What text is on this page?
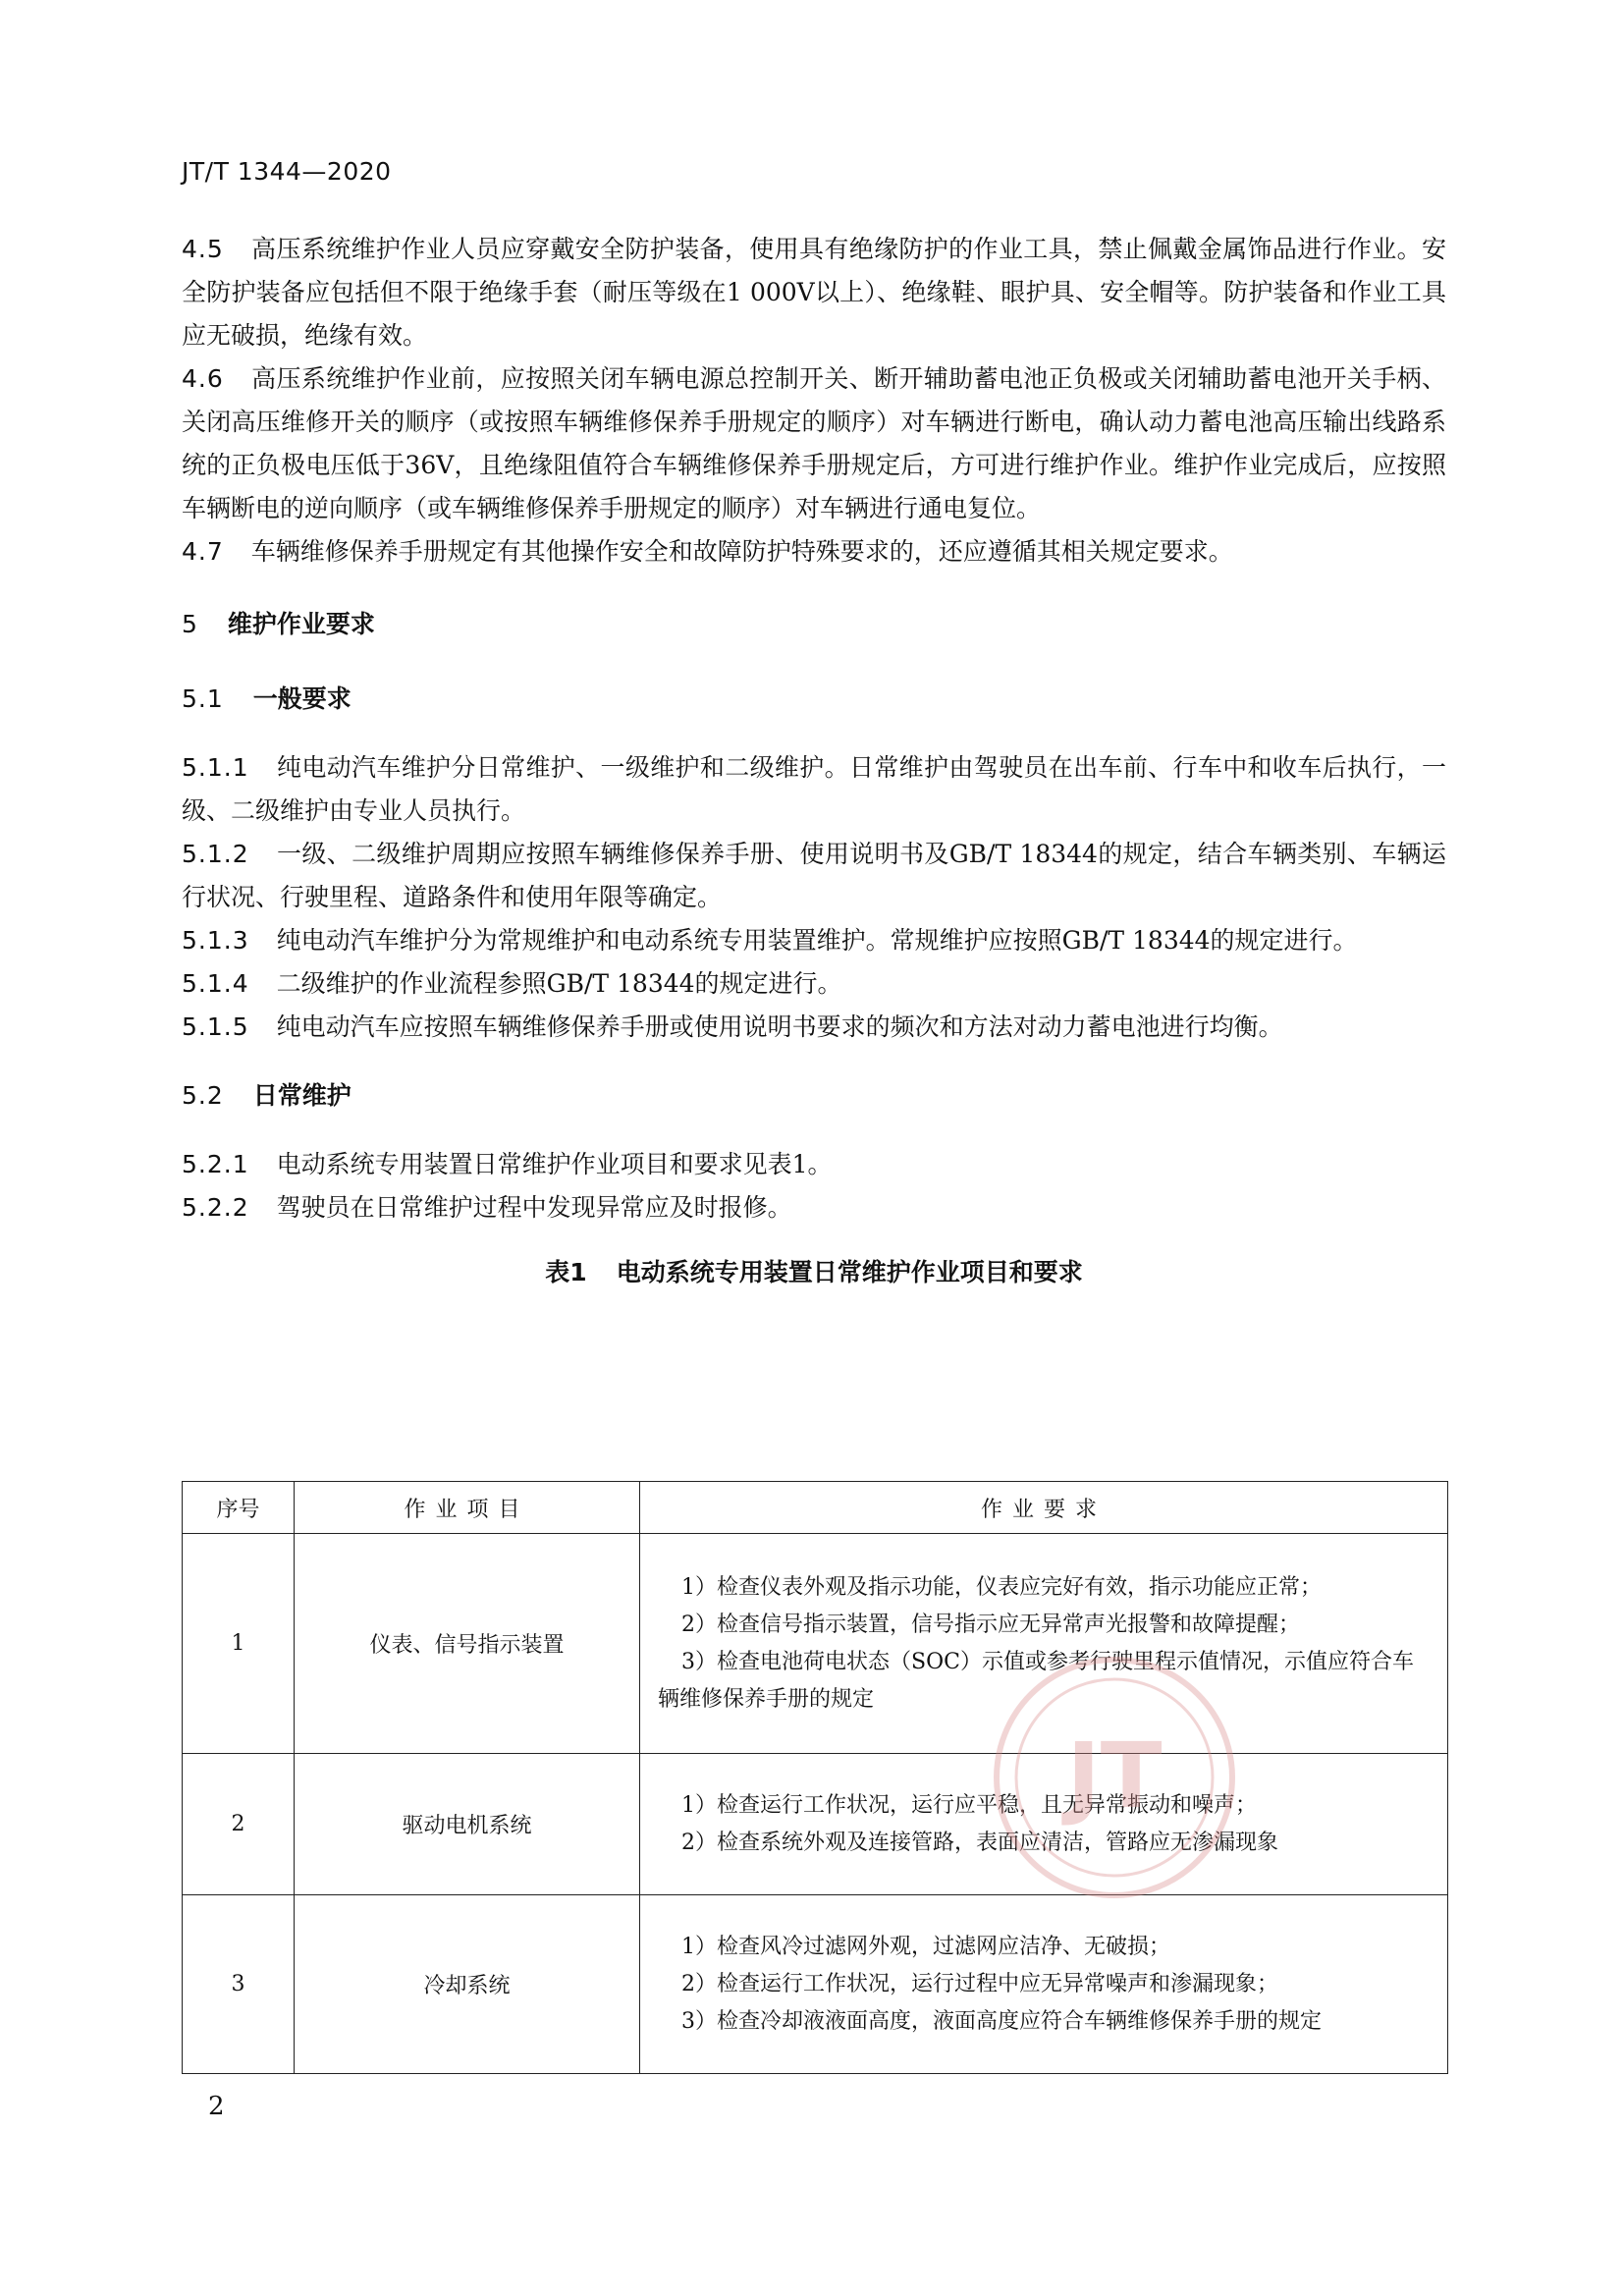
JT/T 1344—2020

4.5 高压系统维护作业人员应穿戴安全防护装备，使用具有绝缘防护的作业工具，禁止佩戴金属饰品进行作业。安全防护装备应包括但不限于绝缘手套（耐压等级在1 000V以上）、绝缘鞋、眼护具、安全帽等。防护装备和作业工具应无破损，绝缘有效。

4.6 高压系统维护作业前，应按照关闭车辆电源总控制开关、断开辅助蓄电池正负极或关闭辅助蓄电池开关手柄、关闭高压维修开关的顺序（或按照车辆维修保养手册规定的顺序）对车辆进行断电，确认动力蓄电池高压输出线路系统的正负极电压低于36V，且绝缘阻值符合车辆维修保养手册规定后，方可进行维护作业。维护作业完成后，应按照车辆断电的逆向顺序（或车辆维修保养手册规定的顺序）对车辆进行通电复位。

4.7 车辆维修保养手册规定有其他操作安全和故障防护特殊要求的，还应遵循其相关规定要求。

5 维护作业要求
5.1 一般要求

5.1.1 纯电动汽车维护分日常维护、一级维护和二级维护。日常维护由驾驶员在出车前、行车中和收车后执行，一级、二级维护由专业人员执行。

5.1.2 一级、二级维护周期应按照车辆维修保养手册、使用说明书及GB/T 18344的规定，结合车辆类别、车辆运行状况、行驶里程、道路条件和使用年限等确定。

5.1.3 纯电动汽车维护分为常规维护和电动系统专用装置维护。常规维护应按照GB/T 18344的规定进行。

5.1.4 二级维护的作业流程参照GB/T 18344的规定进行。

5.1.5 纯电动汽车应按照车辆维修保养手册或使用说明书要求的频次和方法对动力蓄电池进行均衡。

5.2 日常维护

5.2.1 电动系统专用装置日常维护作业项目和要求见表1。

5.2.2 驾驶员在日常维护过程中发现异常应及时报修。

表1 电动系统专用装置日常维护作业项目和要求
序号	作业项目	作业要求
1	仪表、信号指示装置	1）检查仪表外观及指示功能，仪表应完好有效，指示功能应正常；
2）检查信号指示装置，信号指示应无异常声光报警和故障提醒；
3）检查电池荷电状态（SOC）示值或参考行驶里程示值情况，示值应符合车辆维修保养手册的规定

2	驱动电机系统	1）检查运行工作状况，运行应平稳，且无异常振动和噪声；
2）检查系统外观及连接管路，表面应清洁，管路应无渗漏现象

3	冷却系统	1）检查风冷过滤网外观，过滤网应洁净、无破损；
2）检查运行工作状况，运行过程中应无异常噪声和渗漏现象；
3）检查冷却液液面高度，液面高度应符合车辆维修保养手册的规定
JT
2
